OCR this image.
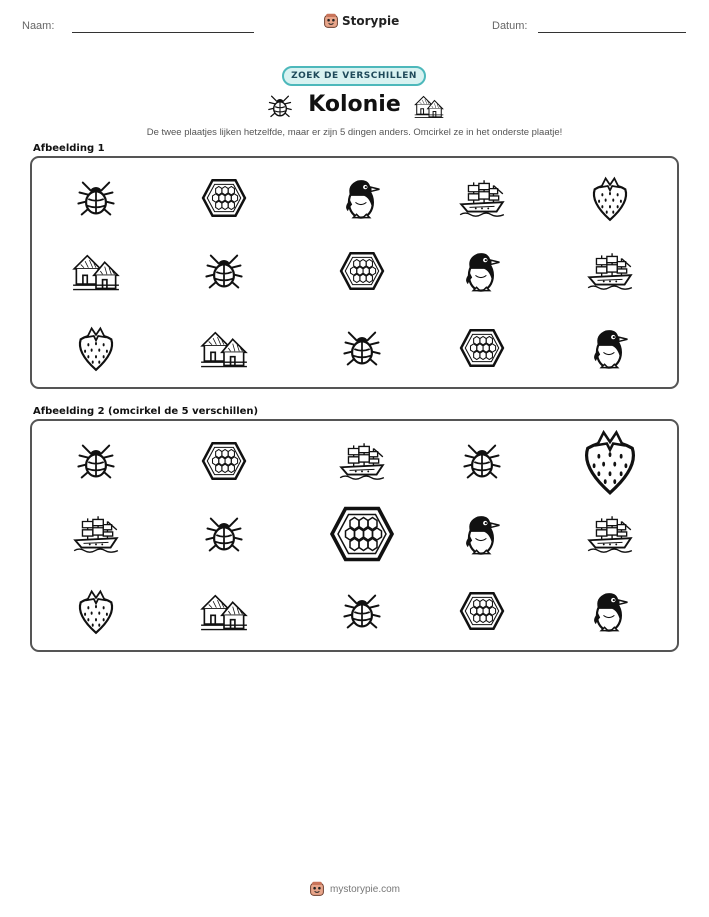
Naam:	Storypie	Datum:
ZOEK DE VERSCHILLEN
Kolonie
De twee plaatjes lijken hetzelfde, maar er zijn 5 dingen anders. Omcirkel ze in het onderste plaatje!
Afbeelding 1
Afbeelding 2 (omcirkel de 5 verschillen)
mystorypie.com
